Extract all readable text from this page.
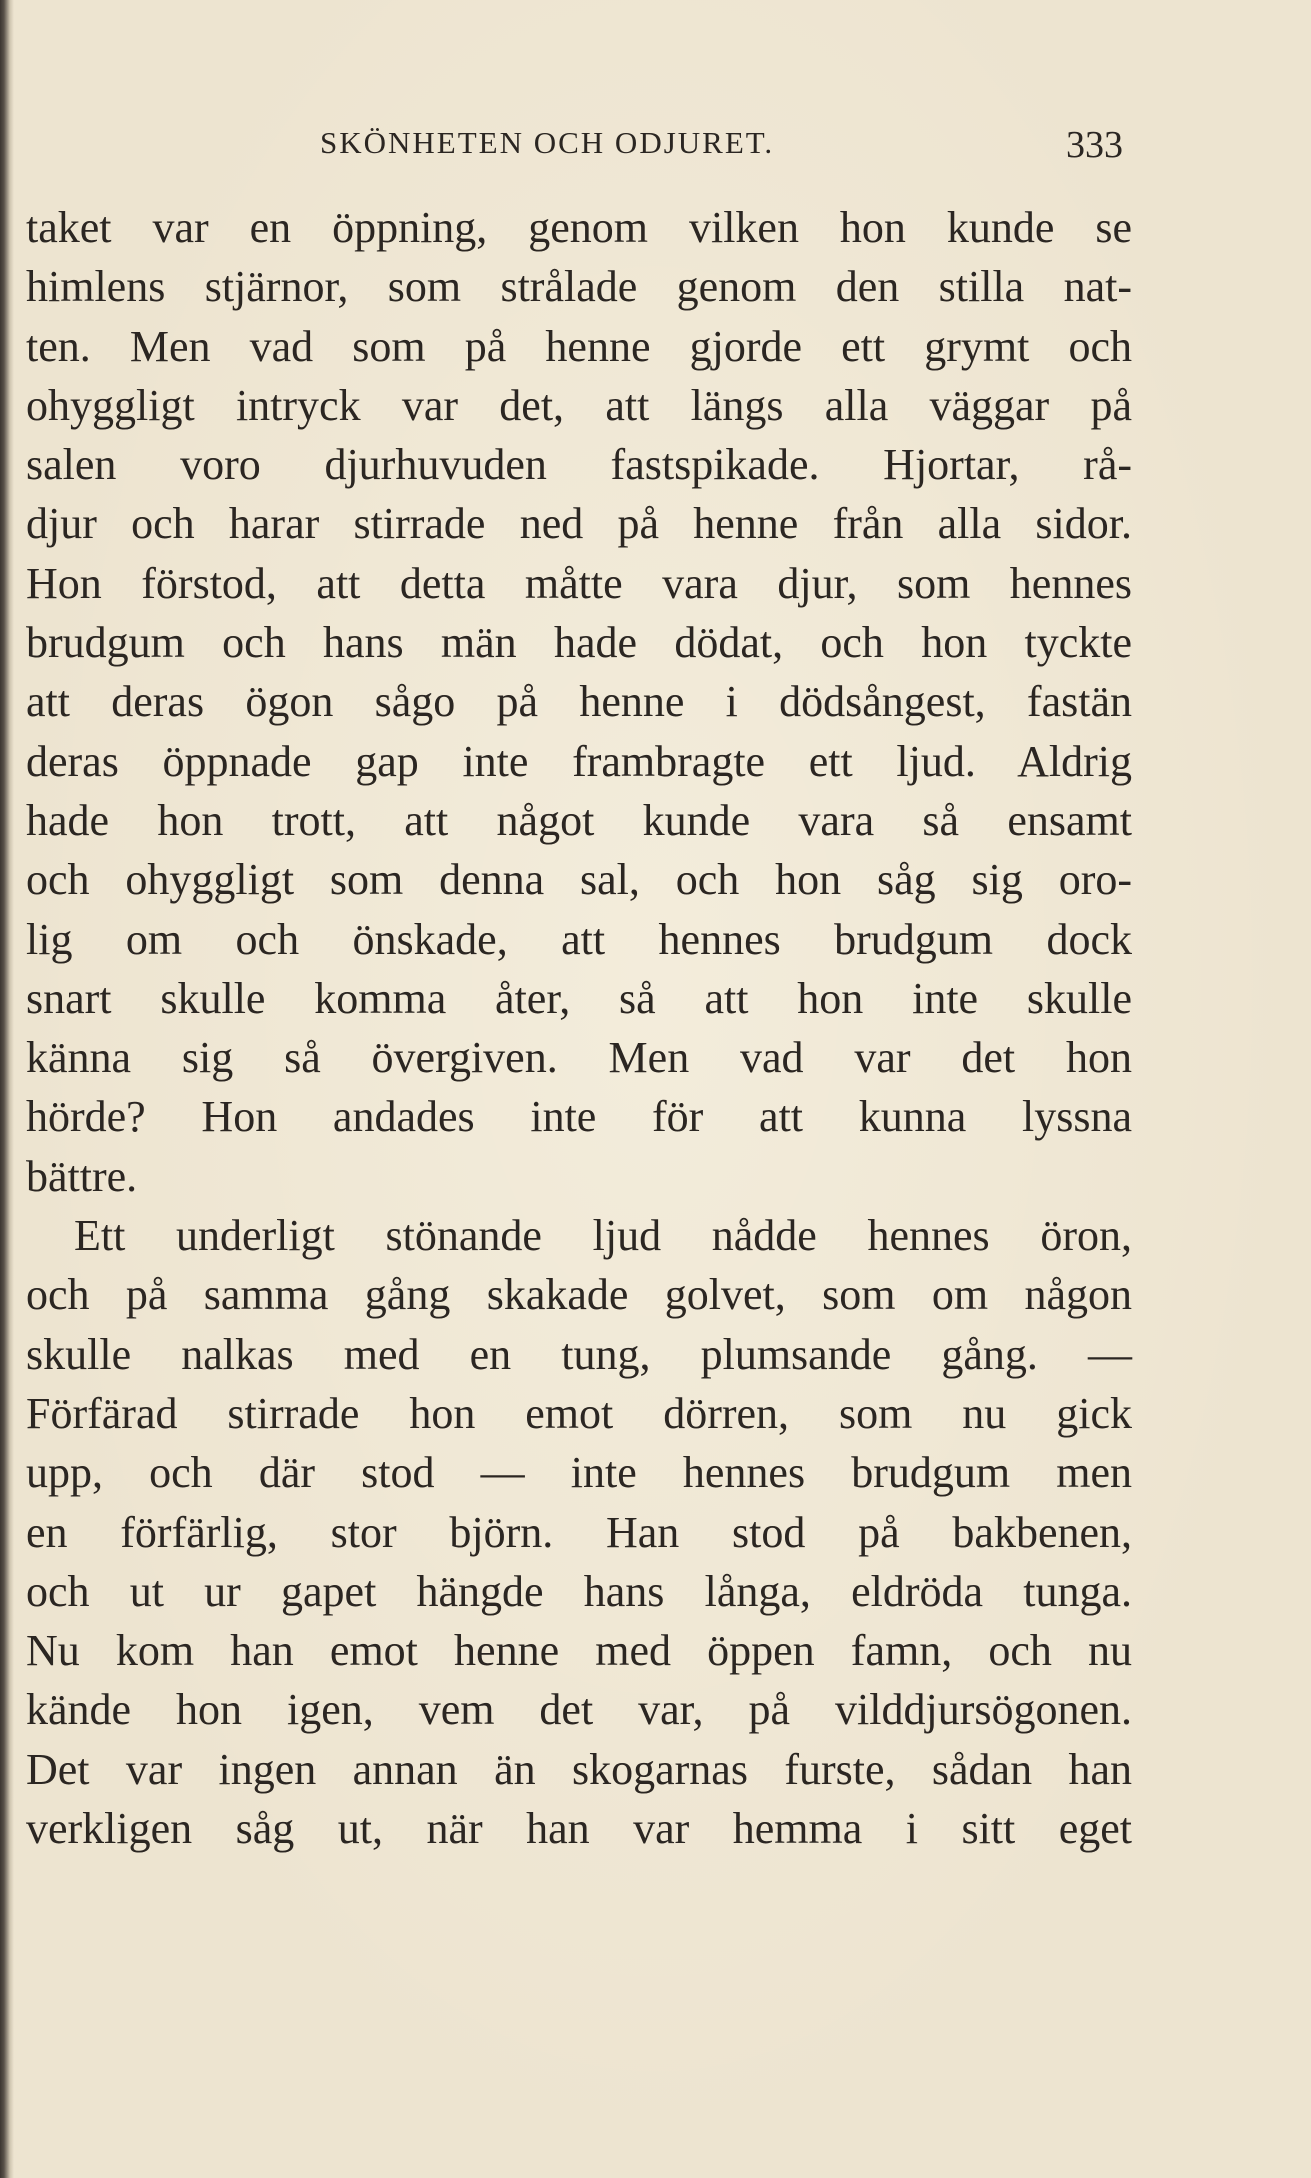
SKÖNHETEN OCH ODJURET.	333
taket var en öppning, genom vilken hon kunde se
himlens stjärnor, som strålade genom den stilla nat-
ten. Men vad som på henne gjorde ett grymt och
ohyggligt intryck var det, att längs alla väggar på
salen voro djurhuvuden fastspikade. Hjortar, rå-
djur och harar stirrade ned på henne från alla sidor.
Hon förstod, att detta måtte vara djur, som hennes
brudgum och hans män hade dödat, och hon tyckte
att deras ögon sågo på henne i dödsångest, fastän
deras öppnade gap inte frambragte ett ljud. Aldrig
hade hon trott, att något kunde vara så ensamt
och ohyggligt som denna sal, och hon såg sig oro-
lig om och önskade, att hennes brudgum dock
snart skulle komma åter, så att hon inte skulle
känna sig så övergiven. Men vad var det hon
hörde? Hon andades inte för att kunna lyssna
bättre.
Ett underligt stönande ljud nådde hennes öron,
och på samma gång skakade golvet, som om någon
skulle nalkas med en tung, plumsande gång. —
Förfärad stirrade hon emot dörren, som nu gick
upp, och där stod — inte hennes brudgum men
en förfärlig, stor björn. Han stod på bakbenen,
och ut ur gapet hängde hans långa, eldröda tunga.
Nu kom han emot henne med öppen famn, och nu
kände hon igen, vem det var, på vilddjursögonen.
Det var ingen annan än skogarnas furste, sådan han
verkligen såg ut, när han var hemma i sitt eget
